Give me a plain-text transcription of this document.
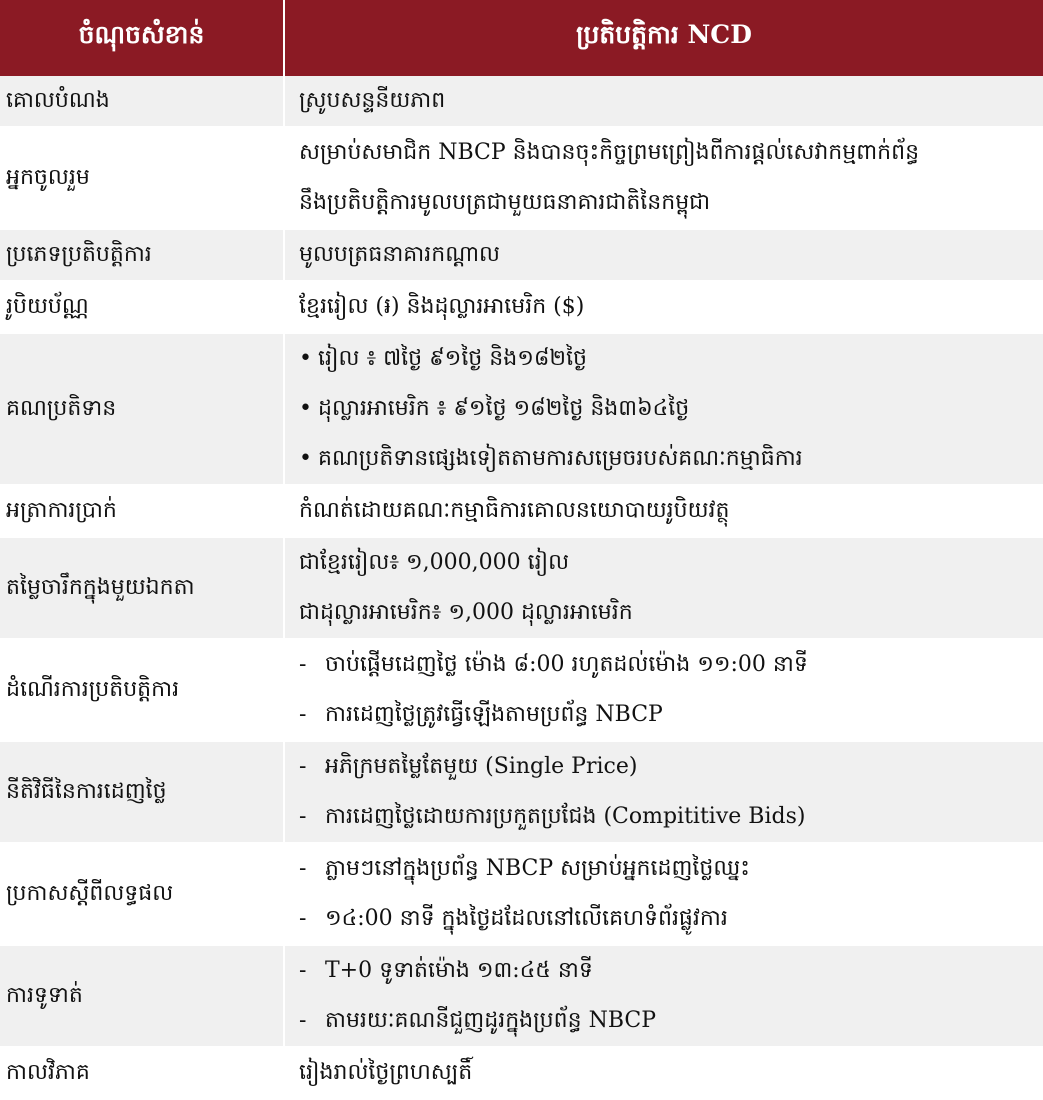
ចំណុចសំខាន់	ប្រតិបត្តិការ NCD
គោលបំណង	ស្រូបសន្ទនីយភាព

អ្នកចូលរួម	សម្រាប់សមាជិក NBCP និងបានចុះកិច្ចព្រមព្រៀងពីការផ្តល់សេវាកម្មពាក់ព័ន្ធ
នឹងប្រតិបត្តិការមូលបត្រជាមួយធនាគារជាតិនៃកម្ពុជា

ប្រភេទប្រតិបត្តិការ	មូលបត្រធនាគារកណ្តាល

រូបិយប័ណ្ណ	ខ្មែររៀល (៛) និងដុល្លារអាមេរិក ($)

គណប្រតិទាន	• រៀល ៖ ៧ថ្ងៃ ៩១ថ្ងៃ និង១៨២ថ្ងៃ
• ដុល្លារអាមេរិក ៖ ៩១ថ្ងៃ ១៨២ថ្ងៃ និង៣៦៤ថ្ងៃ
• គណប្រតិទានផ្សេងទៀតតាមការសម្រេចរបស់គណៈកម្មាធិការ

អត្រាការប្រាក់	កំណត់ដោយគណៈកម្មាធិការគោលនយោបាយរូបិយវត្ថុ

តម្លៃចារឹកក្នុងមួយឯកតា	ជាខ្មែររៀល៖ ១,000,000 រៀល
ជាដុល្លារអាមេរិក៖ ១,000 ដុល្លារអាមេរិក

ដំណើរការប្រតិបត្តិការ	- ចាប់ផ្តើមដេញថ្លៃ ម៉ោង ៨:00 រហូតដល់ម៉ោង ១១:00 នាទី
- ការដេញថ្លៃត្រូវធ្វើឡើងតាមប្រព័ន្ធ NBCP

នីតិវិធីនៃការដេញថ្លៃ	- អភិក្រមតម្លៃតែមួយ (Single Price)
- ការដេញថ្លៃដោយការប្រកួតប្រជែង (Compititive Bids)

ប្រកាសស្តីពីលទ្ធផល	- ភ្លាមៗនៅក្នុងប្រព័ន្ធ NBCP សម្រាប់អ្នកដេញថ្លៃឈ្នះ
- ១៤:00 នាទី ក្នុងថ្ងៃដដែលនៅលើគេហទំព័រផ្លូវការ

ការទូទាត់	- T+0 ទូទាត់ម៉ោង ១៣:៤៥ នាទី
- តាមរយៈគណនីជួញដូរក្នុងប្រព័ន្ធ NBCP

កាលវិភាគ	រៀងរាល់ថ្ងៃព្រហស្បតិ៍
